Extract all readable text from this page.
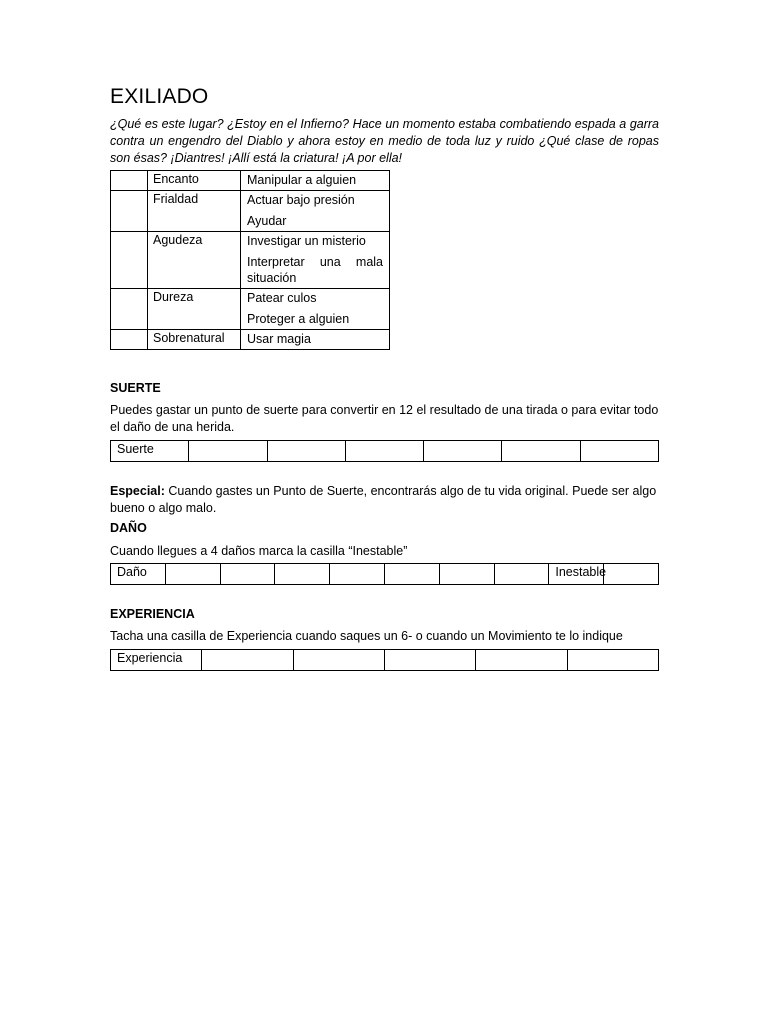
EXILIADO
¿Qué es este lugar? ¿Estoy en el Infierno? Hace un momento estaba combatiendo espada a garra contra un engendro del Diablo y ahora estoy en medio de toda luz y ruido ¿Qué clase de ropas son ésas? ¡Diantres! ¡Allí está la criatura! ¡A por ella!
	Encanto	Manipular a alguien

	Frialdad	Actuar bajo presión
Ayudar

	Agudeza	Investigar un misterio
Interpretar una mala situación

	Dureza	Patear culos
Proteger a alguien

	Sobrenatural	Usar magia
SUERTE
Puedes gastar un punto de suerte para convertir en 12 el resultado de una tirada o para evitar todo el daño de una herida.
Suerte						
Especial: Cuando gastes un Punto de Suerte, encontrarás algo de tu vida original. Puede ser algo bueno o algo malo.
DAÑO
Cuando llegues a 4 daños marca la casilla “Inestable”
Daño								Inestable	
EXPERIENCIA
Tacha una casilla de Experiencia cuando saques un 6- o cuando un Movimiento te lo indique
Experiencia					
